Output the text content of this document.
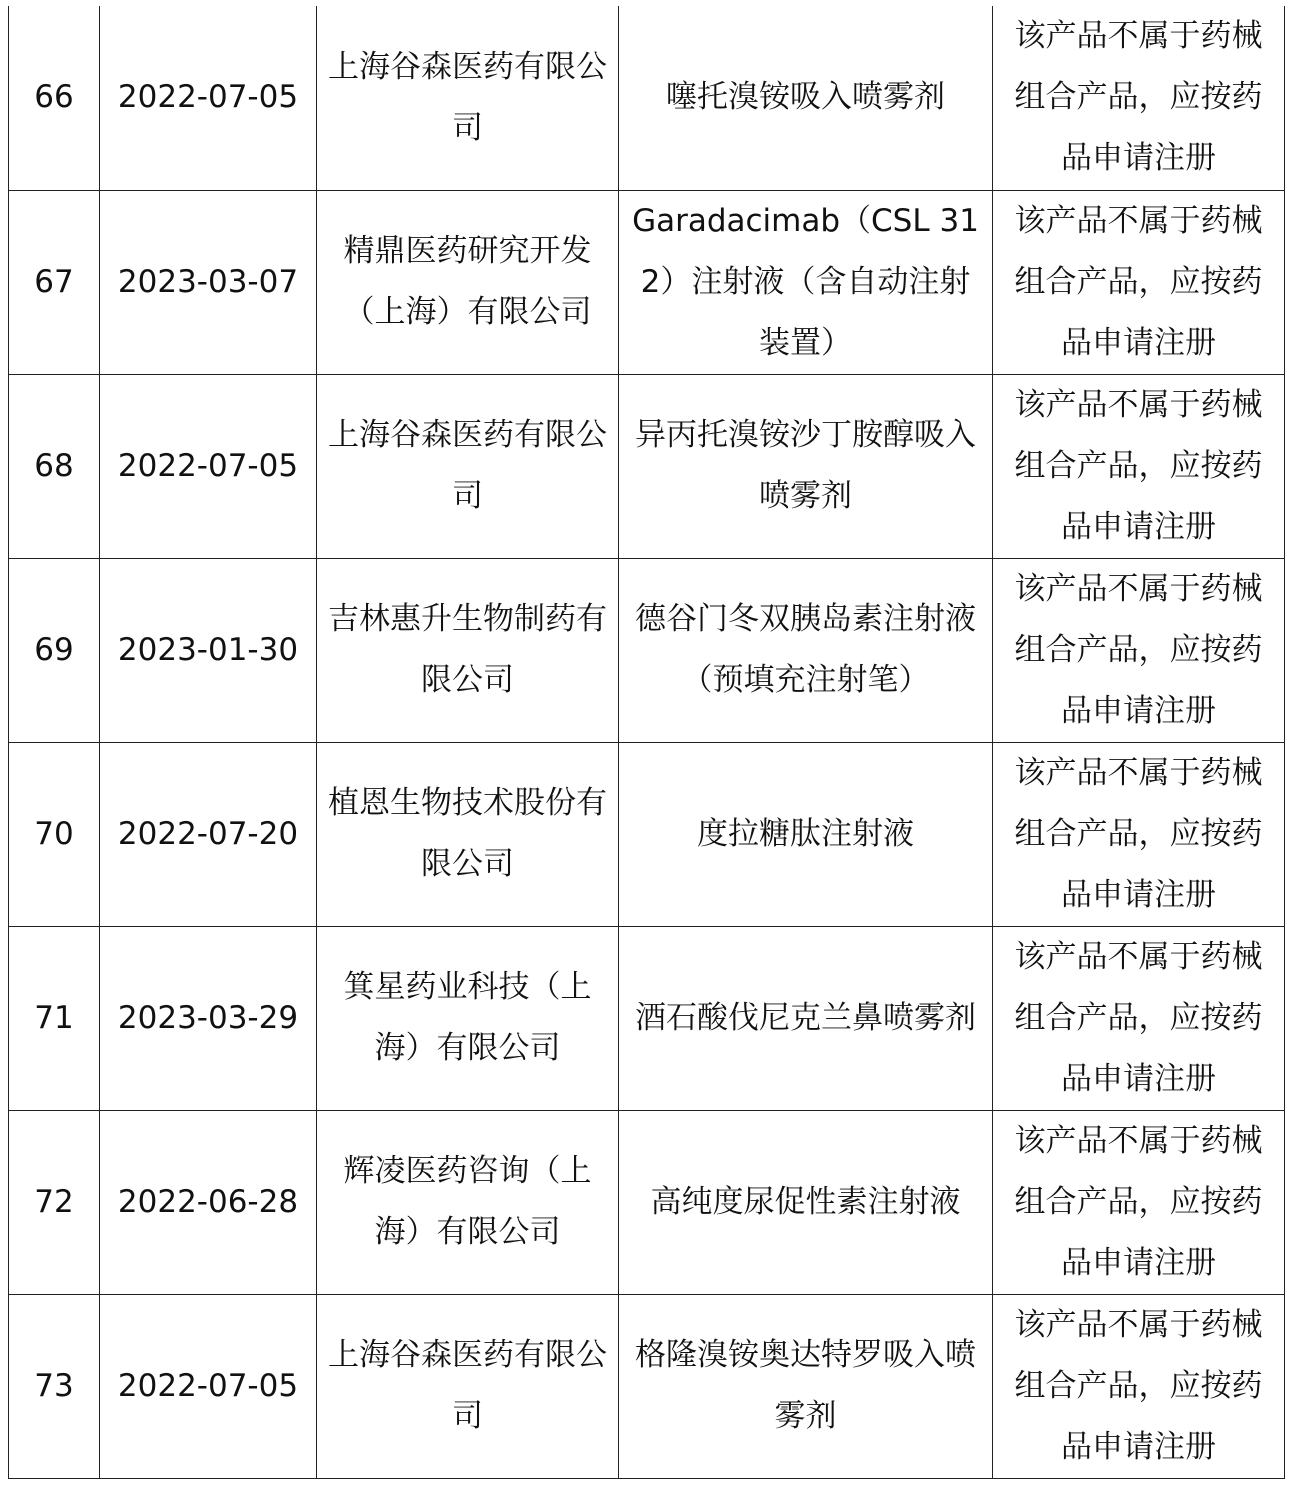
66	2022-07-05	上海谷森医药有限公司	噻托溴铵吸入喷雾剂	该产品不属于药械组合产品，应按药品申请注册
67	2023-03-07	精鼎医药研究开发（上海）有限公司	Garadacimab（CSL 312）注射液（含自动注射装置）	该产品不属于药械组合产品，应按药品申请注册
68	2022-07-05	上海谷森医药有限公司	异丙托溴铵沙丁胺醇吸入喷雾剂	该产品不属于药械组合产品，应按药品申请注册
69	2023-01-30	吉林惠升生物制药有限公司	德谷门冬双胰岛素注射液（预填充注射笔）	该产品不属于药械组合产品，应按药品申请注册
70	2022-07-20	植恩生物技术股份有限公司	度拉糖肽注射液	该产品不属于药械组合产品，应按药品申请注册
71	2023-03-29	箕星药业科技（上海）有限公司	酒石酸伐尼克兰鼻喷雾剂	该产品不属于药械组合产品，应按药品申请注册
72	2022-06-28	辉凌医药咨询（上海）有限公司	高纯度尿促性素注射液	该产品不属于药械组合产品，应按药品申请注册
73	2022-07-05	上海谷森医药有限公司	格隆溴铵奥达特罗吸入喷雾剂	该产品不属于药械组合产品，应按药品申请注册
